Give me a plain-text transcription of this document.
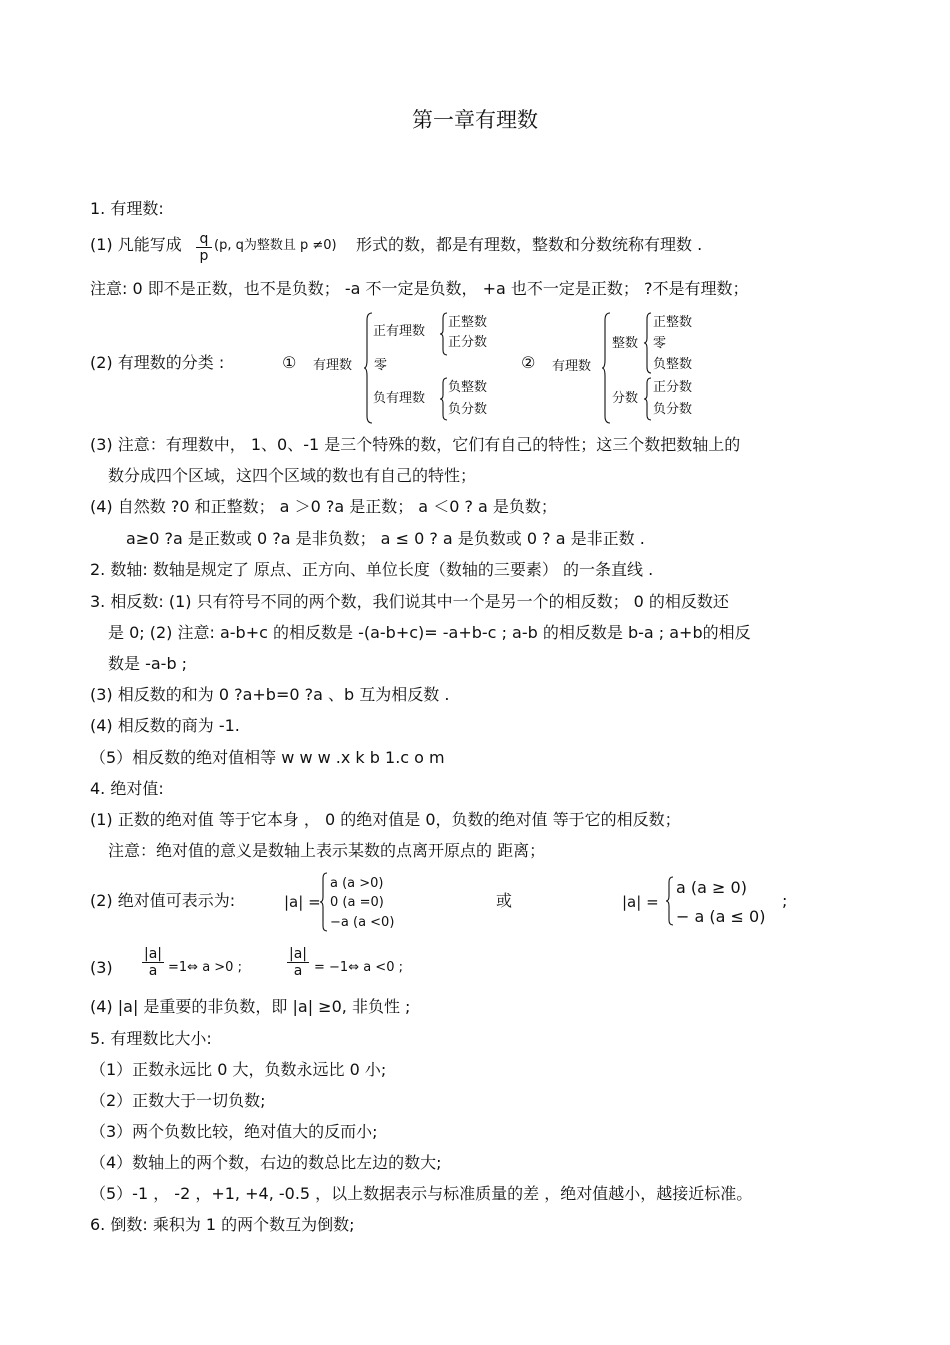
第一章有理数
1. 有理数:
(1) 凡能写成 $\frac{q}{p} (p$, q为整数且 p ≠0) 形式的数，都是有理数，整数和分数统称有理数 .
注意: 0 即不是正数，也不是负数； -a 不一定是负数， +a 也不一定是正数； ?不是有理数；
(2) 有理数的分类 :	① 有理数
正有理数
正整数
正分数
零
负有理数
负整数
负分数
② 有理数
整数
正整数
零
负整数
分数
正分数
负分数
(3) 注意：有理数中， 1、0、-1 是三个特殊的数，它们有自己的特性；这三个数把数轴上的
数分成四个区域，这四个区域的数也有自己的特性；
(4) 自然数 ?0 和正整数； a ＞0 ?a 是正数； a ＜0 ? a 是负数；
a≥0 ?a 是正数或 0 ?a 是非负数； a ≤ 0 ? a 是负数或 0 ? a 是非正数 .
2. 数轴: 数轴是规定了 原点、正方向、单位长度（数轴的三要素） 的一条直线 .
3. 相反数: (1) 只有符号不同的两个数，我们说其中一个是另一个的相反数； 0 的相反数还
是 0; (2) 注意: a-b+c 的相反数是 -(a-b+c)= -a+b-c ; a-b 的相反数是 b-a ; a+b的相反
数是 -a-b ;
(3) 相反数的和为 0 ?a+b=0 ?a 、b 互为相反数 .
(4) 相反数的商为 -1.
（5）相反数的绝对值相等 w w w .x k b 1.c o m
4. 绝对值:
(1) 正数的绝对值 等于它本身 ， 0 的绝对值是 0，负数的绝对值 等于它的相反数；
注意：绝对值的意义是数轴上表示某数的点离开原点的 距离；
(2) 绝对值可表示为:	|a| =
a (a >0)
0 (a =0)
−a (a <0)
或	|a| =
a (a ≥ 0)
− a (a ≤ 0)
;
$(3) \frac{|a|}{a}$ =1⇔ a >0 ;	$\frac{|a|}{a}$ = −1⇔ a <0 ;
(4) |a| 是重要的非负数，即 |a| ≥0, 非负性 ;
5. 有理数比大小:
（1）正数永远比 0 大，负数永远比 0 小;
（2）正数大于一切负数;
（3）两个负数比较，绝对值大的反而小;
（4）数轴上的两个数，右边的数总比左边的数大;
（5）-1 ， -2 ，+1, +4, -0.5 ，以上数据表示与标准质量的差 ，绝对值越小，越接近标准。
6. 倒数: 乘积为 1 的两个数互为倒数;
